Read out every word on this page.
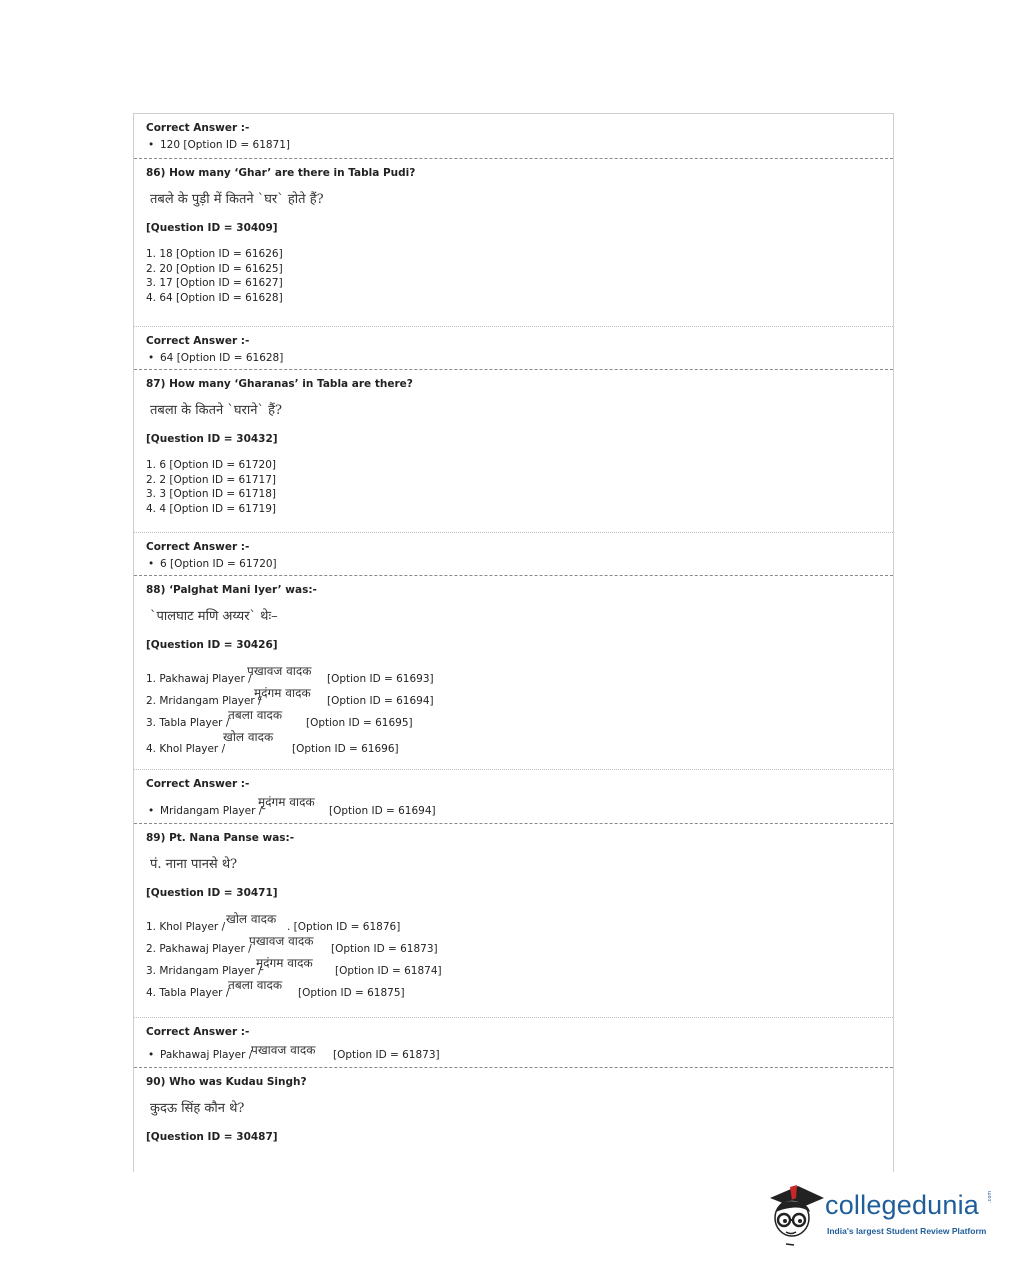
Correct Answer :-

• 120 [Option ID = 61871]

86) How many ‘Ghar’ are there in Tabla Pudi?

तबले के पुड़ी में कितने `घर` होते हैं?

[Question ID = 30409]

1. 18 [Option ID = 61626]
2. 20 [Option ID = 61625]
3. 17 [Option ID = 61627]
4. 64 [Option ID = 61628]

Correct Answer :-

• 64 [Option ID = 61628]

87) How many ‘Gharanas’ in Tabla are there?

तबला के कितने `घराने` हैं?

[Question ID = 30432]

1. 6 [Option ID = 61720]
2. 2 [Option ID = 61717]
3. 3 [Option ID = 61718]
4. 4 [Option ID = 61719]

Correct Answer :-

• 6 [Option ID = 61720]

88) ‘Palghat Mani Iyer’ was:-

`पालघाट मणि अय्यर` थेः–

[Question ID = 30426]

1. Pakhawaj Player /
पखावज वादक
[Option ID = 61693]
2. Mridangam Player /
मृदंगम वादक
[Option ID = 61694]
3. Tabla Player /
तबला वादक
[Option ID = 61695]
4. Khol Player /
खोल वादक
[Option ID = 61696]

Correct Answer :-

• Mridangam Player /
मृदंगम वादक
[Option ID = 61694]

89) Pt. Nana Panse was:-

पं. नाना पानसे थे?

[Question ID = 30471]

1. Khol Player /
खोल वादक
. [Option ID = 61876]
2. Pakhawaj Player /
पखावज वादक
[Option ID = 61873]
3. Mridangam Player /
मृदंगम वादक
[Option ID = 61874]
4. Tabla Player /
तबला वादक
[Option ID = 61875]

Correct Answer :-

• Pakhawaj Player /
पखावज वादक [Option ID = 61873]

90) Who was Kudau Singh?

कुदऊ सिंह कौन थे?

[Question ID = 30487]

collegedunia .com
India's largest Student Review Platform
